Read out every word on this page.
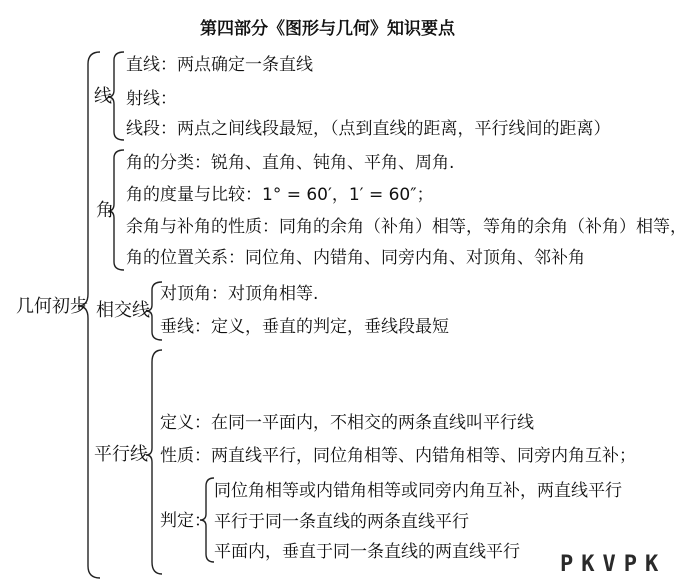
第四部分《图形与几何》知识要点
几何初步
线
直线：两点确定一条直线
射线：
线段：两点之间线段最短，（点到直线的距离，平行线间的距离）
角
角的分类：锐角、直角、钝角、平角、周角.
角的度量与比较：1° = 60′，1′ = 60″；
余角与补角的性质：同角的余角（补角）相等，等角的余角（补角）相等，
角的位置关系：同位角、内错角、同旁内角、对顶角、邻补角
相交线
对顶角：对顶角相等.
垂线：定义，垂直的判定，垂线段最短
平行线
定义：在同一平面内，不相交的两条直线叫平行线
性质：两直线平行，同位角相等、内错角相等、同旁内角互补；
判定：
同位角相等或内错角相等或同旁内角互补，两直线平行
平行于同一条直线的两条直线平行
平面内，垂直于同一条直线的两直线平行 PKVPK
